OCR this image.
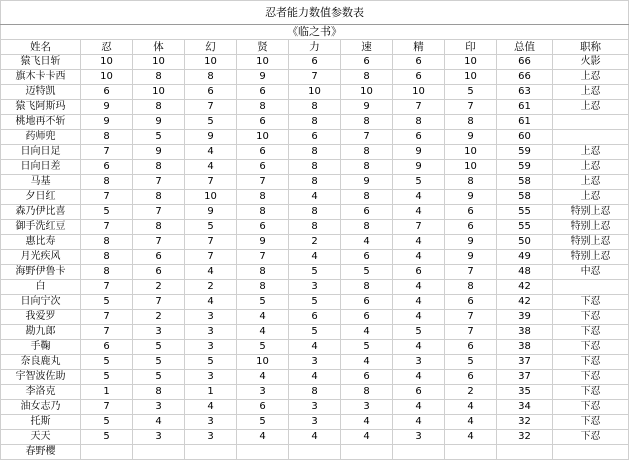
忍者能力数值参数表										
《临之书》										
姓名	忍	体	幻	贤	力	速	精	印	总值	职称
猿飞日斩	10	10	10	10	6	6	6	10	66	火影
旗木卡卡西	10	8	8	9	7	8	6	10	66	上忍
迈特凯	6	10	6	6	10	10	10	5	63	上忍
猿飞阿斯玛	9	8	7	8	8	9	7	7	61	上忍
桃地再不斩	9	9	5	6	8	8	8	8	61	
药师兜	8	5	9	10	6	7	6	9	60	
日向日足	7	9	4	6	8	8	9	10	59	上忍
日向日差	6	8	4	6	8	8	9	10	59	上忍
马基	8	7	7	7	8	9	5	8	58	上忍
夕日红	7	8	10	8	4	8	4	9	58	上忍
森乃伊比喜	5	7	9	8	8	6	4	6	55	特别上忍
御手洗红豆	7	8	5	6	8	8	7	6	55	特别上忍
惠比寿	8	7	7	9	2	4	4	9	50	特别上忍
月光疾风	8	6	7	7	4	6	4	9	49	特别上忍
海野伊鲁卡	8	6	4	8	5	5	6	7	48	中忍
白	7	2	2	8	3	8	4	8	42	
日向宁次	5	7	4	5	5	6	4	6	42	下忍
我爱罗	7	2	3	4	6	6	4	7	39	下忍
勘九郎	7	3	3	4	5	4	5	7	38	下忍
手鞠	6	5	3	5	4	5	4	6	38	下忍
奈良鹿丸	5	5	5	10	3	4	3	5	37	下忍
宇智波佐助	5	5	3	4	4	6	4	6	37	下忍
李洛克	1	8	1	3	8	8	6	2	35	下忍
油女志乃	7	3	4	6	3	3	4	4	34	下忍
托斯	5	4	3	5	3	4	4	4	32	下忍
天天	5	3	3	4	4	4	3	4	32	下忍
春野樱										
